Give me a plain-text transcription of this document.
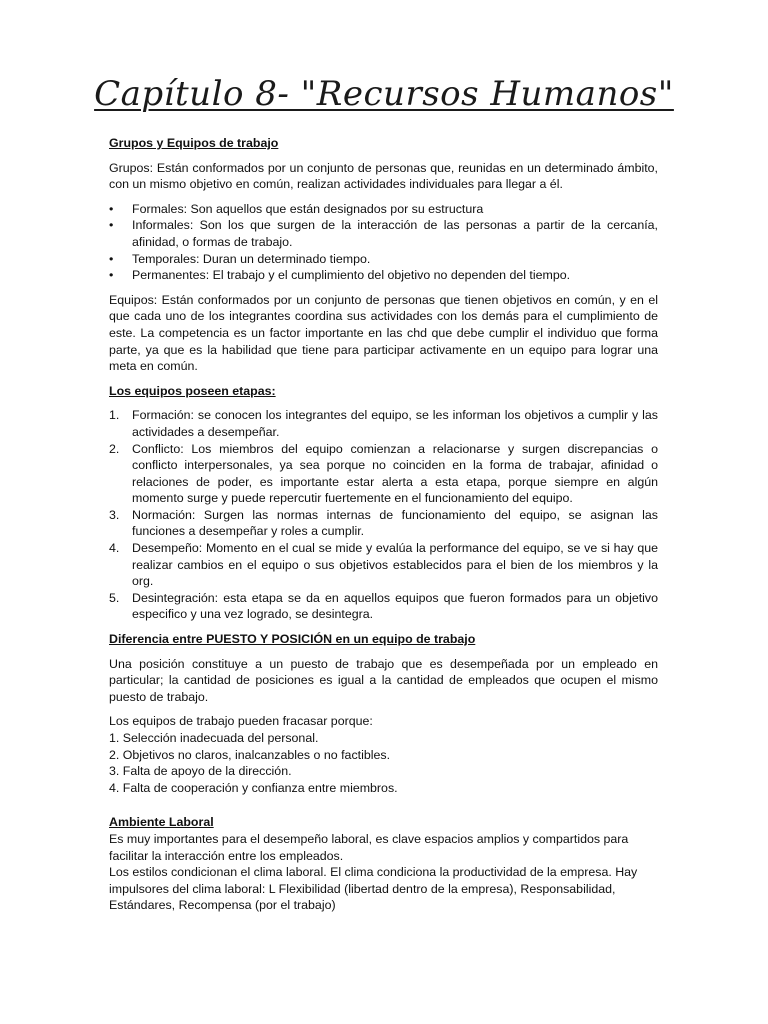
Capítulo 8- "Recursos Humanos"
Grupos y Equipos de trabajo

Grupos: Están conformados por un conjunto de personas que, reunidas en un determinado ámbito, con un mismo objetivo en común, realizan actividades individuales para llegar a él.

• Formales: Son aquellos que están designados por su estructura
• Informales: Son los que surgen de la interacción de las personas a partir de la cercanía, afinidad, o formas de trabajo.
• Temporales: Duran un determinado tiempo.
• Permanentes: El trabajo y el cumplimiento del objetivo no dependen del tiempo.

Equipos: Están conformados por un conjunto de personas que tienen objetivos en común, y en el que cada uno de los integrantes coordina sus actividades con los demás para el cumplimiento de este. La competencia es un factor importante en las chd que debe cumplir el individuo que forma parte, ya que es la habilidad que tiene para participar activamente en un equipo para lograr una meta en común.

Los equipos poseen etapas:
1. Formación: se conocen los integrantes del equipo, se les informan los objetivos a cumplir y las actividades a desempeñar.
2. Conflicto: Los miembros del equipo comienzan a relacionarse y surgen discrepancias o conflicto interpersonales, ya sea porque no coinciden en la forma de trabajar, afinidad o relaciones de poder, es importante estar alerta a esta etapa, porque siempre en algún momento surge y puede repercutir fuertemente en el funcionamiento del equipo.
3. Normación: Surgen las normas internas de funcionamiento del equipo, se asignan las funciones a desempeñar y roles a cumplir.
4. Desempeño: Momento en el cual se mide y evalúa la performance del equipo, se ve si hay que realizar cambios en el equipo o sus objetivos establecidos para el bien de los miembros y la org.
5. Desintegración: esta etapa se da en aquellos equipos que fueron formados para un objetivo especifico y una vez logrado, se desintegra.
Diferencia entre PUESTO Y POSICIÓN en un equipo de trabajo

Una posición constituye a un puesto de trabajo que es desempeñada por un empleado en particular; la cantidad de posiciones es igual a la cantidad de empleados que ocupen el mismo puesto de trabajo.

Los equipos de trabajo pueden fracasar porque:

1. Selección inadecuada del personal.
2. Objetivos no claros, inalcanzables o no factibles.
3. Falta de apoyo de la dirección.
4. Falta de cooperación y confianza entre miembros.
Ambiente Laboral

Es muy importantes para el desempeño laboral, es clave espacios amplios y compartidos para facilitar la interacción entre los empleados.

Los estilos condicionan el clima laboral. El clima condiciona la productividad de la empresa. Hay impulsores del clima laboral: L Flexibilidad (libertad dentro de la empresa), Responsabilidad, Estándares, Recompensa (por el trabajo)
